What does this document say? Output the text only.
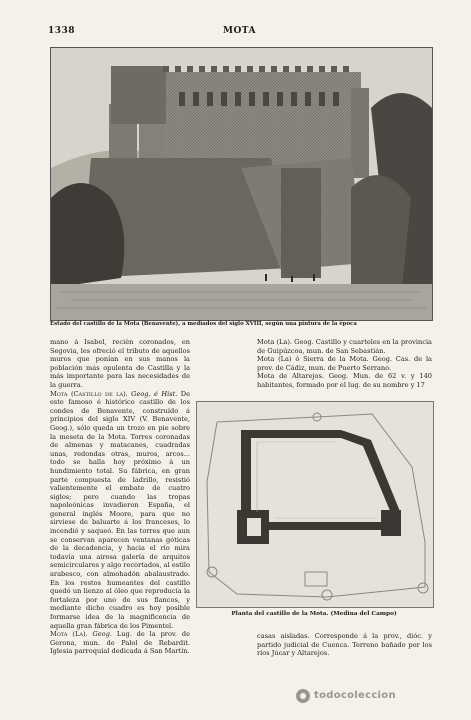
1338	MOTA
Estado del castillo de la Mota (Benavente), a mediados del siglo XVIII, según una pintura de la época

mano á Isabel, recién coronados, en Segovia, les ofreció el tributo de aquellos muros que ponían en sus manos la población más opulenta de Castilla y la más importante para las necesidades de la guerra.

Mota (Castillo de la). Geog. é Hist. De este famoso é histórico castillo de los condes de Benavente, construído á principios del siglo XIV (V. Benavente, Geog.), sólo queda un trozo en pie sobre la meseta de la Mota. Torres coronadas de almenas y matacanes, cuadradas unas, redondas otras, muros, arcos... todo se halla hoy próximo á un hundimiento total. Su fábrica, en gran parte compuesta de ladrillo, resistió valientemente el embate de cuatro siglos; pero cuando las tropas napoleónicas invadieron España, el general inglés Moore, para que no sirviese de baluarte á los franceses, lo incendió y saqueó. En las torres que aun se conservan aparecen ventanas góticas de la decadencia, y hacia el río mira todavía una airosa galería de arquitos semicirculares y algo recortados, al estilo arabesco, con almohadón abalaustrado. En los restos humeantes del castillo quedó un lienzo al óleo que reproducía la fortaleza por uno de sus flancos, y mediante dicho cuadro es hoy posible formarse idea de la magnificencia de aquella gran fábrica de los Pimentel.

Mota (La). Geog. Lug. de la prov. de Gerona, mun. de Palol de Rebardit. Iglesia parroquial dedicada á San Martín.

Mota (La). Geog. Castillo y cuarteles en la provincia de Guipúzcoa, mun. de San Sebastián.

Mota (La) ó Sierra de la Mota. Geog. Cas. de la prov. de Cádiz, mun. de Puerto Serrano.

Mota de Altarejos. Geog. Mun. de 62 v. y 140 habitantes, formado por el lug. de su nombre y 17

Planta del castillo de la Mota. (Medina del Campo)

casas aisladas. Corresponde á la prov., dióc. y partido judicial de Cuenca. Terreno bañado por los ríos Júcar y Altarejos.

todocoleccion
